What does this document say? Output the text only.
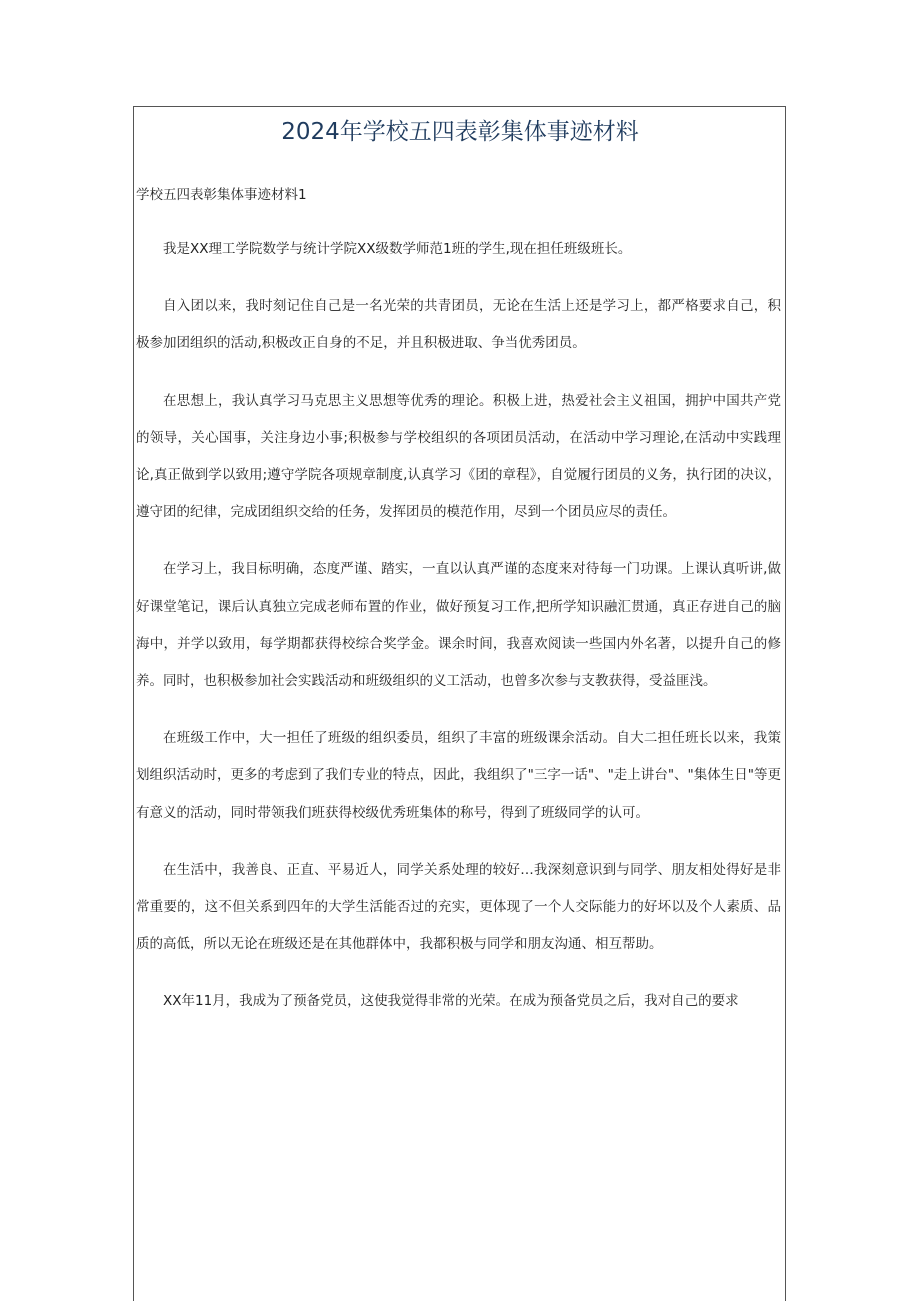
2024年学校五四表彰集体事迹材料
学校五四表彰集体事迹材料1

我是XX理工学院数学与统计学院XX级数学师范1班的学生,现在担任班级班长。

自入团以来，我时刻记住自己是一名光荣的共青团员，无论在生活上还是学习上，都严格要求自己，积极参加团组织的活动,积极改正自身的不足，并且积极进取、争当优秀团员。

在思想上，我认真学习马克思主义思想等优秀的理论。积极上进，热爱社会主义祖国，拥护中国共产党的领导，关心国事，关注身边小事;积极参与学校组织的各项团员活动，在活动中学习理论,在活动中实践理论,真正做到学以致用;遵守学院各项规章制度,认真学习《团的章程》，自觉履行团员的义务，执行团的决议，遵守团的纪律，完成团组织交给的任务，发挥团员的模范作用，尽到一个团员应尽的责任。

在学习上，我目标明确，态度严谨、踏实，一直以认真严谨的态度来对待每一门功课。上课认真听讲,做好课堂笔记，课后认真独立完成老师布置的作业，做好预复习工作,把所学知识融汇贯通，真正存进自己的脑海中，并学以致用，每学期都获得校综合奖学金。课余时间，我喜欢阅读一些国内外名著，以提升自己的修养。同时，也积极参加社会实践活动和班级组织的义工活动，也曾多次参与支教获得，受益匪浅。

在班级工作中，大一担任了班级的组织委员，组织了丰富的班级课余活动。自大二担任班长以来，我策划组织活动时，更多的考虑到了我们专业的特点，因此，我组织了"三字一话"、"走上讲台"、"集体生日"等更有意义的活动，同时带领我们班获得校级优秀班集体的称号，得到了班级同学的认可。

在生活中，我善良、正直、平易近人，同学关系处理的较好…我深刻意识到与同学、朋友相处得好是非常重要的，这不但关系到四年的大学生活能否过的充实，更体现了一个人交际能力的好坏以及个人素质、品质的高低，所以无论在班级还是在其他群体中，我都积极与同学和朋友沟通、相互帮助。

XX年11月，我成为了预备党员，这使我觉得非常的光荣。在成为预备党员之后，我对自己的要求
